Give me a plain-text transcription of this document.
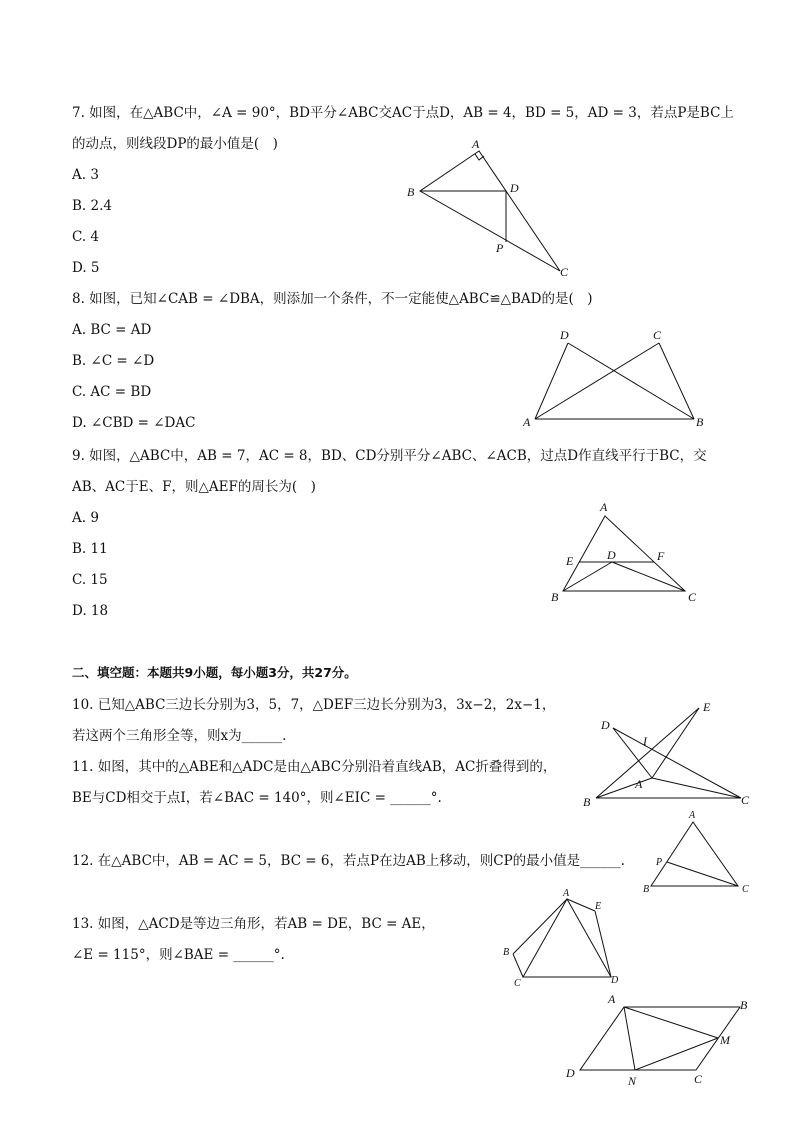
7. 如图，在△ABC中，∠A = 90°，BD平分∠ABC交AC于点D，AB = 4，BD = 5，AD = 3，若点P是BC上
的动点，则线段DP的最小值是(　)
A. 3
B. 2.4
C. 4
D. 5
A
B	D
P
C
8. 如图，已知∠CAB = ∠DBA，则添加一个条件，不一定能使△ABC≌△BAD的是(　)
A. BC = AD
B. ∠C = ∠D
C. AC = BD
D. ∠CBD = ∠DAC
D	C
A	B
9. 如图，△ABC中，AB = 7，AC = 8，BD、CD分别平分∠ABC、∠ACB，过点D作直线平行于BC，交
AB、AC于E、F，则△AEF的周长为(　)
A. 9
B. 11
C. 15
D. 18
A
E	D	F
B	C
二、填空题：本题共9小题，每小题3分，共27分。
10. 已知△ABC三边长分别为3，5，7，△DEF三边长分别为3，3x−2，2x−1，
若这两个三角形全等，则x为______.
11. 如图，其中的△ABE和△ADC是由△ABC分别沿着直线AB，AC折叠得到的，
BE与CD相交于点I，若∠BAC = 140°，则∠EIC = ______°.
D
E
I
A
B	C
12. 在△ABC中，AB = AC = 5，BC = 6，若点P在边AB上移动，则CP的最小值是______.
A
P
B	C
13. 如图，△ACD是等边三角形，若AB = DE，BC = AE，
∠E = 115°，则∠BAE = ______°.
A
E
B
C	D
A	B
M
D
N	C
